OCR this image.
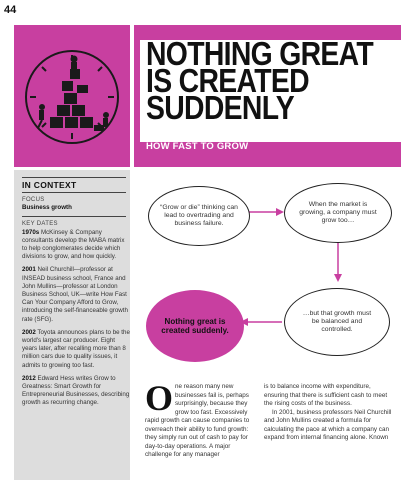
44
NOTHING GREAT
IS CREATED
SUDDENLY
HOW FAST TO GROW
IN CONTEXT
FOCUS
Business growth
KEY DATES

1970s McKinsey & Company consultants develop the MABA matrix to help conglomerates decide which divisions to grow, and how quickly.

2001 Neil Churchill—professor at INSEAD business school, France and John Mullins—professor at London Business School, UK—write How Fast Can Your Company Afford to Grow, introducing the self-financeable growth rate (SFG).

2002 Toyota announces plans to be the world's largest car producer. Eight years later, after recalling more than 8 million cars due to quality issues, it admits to growing too fast.

2012 Edward Hess writes Grow to Greatness: Smart Growth for Entrepreneurial Businesses, describing growth as recurring change.

“Grow or die” thinking can lead to overtrading and business failure.
When the market is growing, a company must grow too…
…but that growth must be balanced and controlled.
Nothing great is created suddenly.
One reason many new businesses fail is, perhaps surprisingly, because they grow too fast. Excessively rapid growth can cause companies to overreach their ability to fund growth: they simply run out of cash to pay for day-to-day operations. A major challenge for any manager
is to balance income with expenditure, ensuring that there is sufficient cash to meet the rising costs of the business.
In 2001, business professors Neil Churchill and John Mullins created a formula for calculating the pace at which a company can expand from internal financing alone. Known
